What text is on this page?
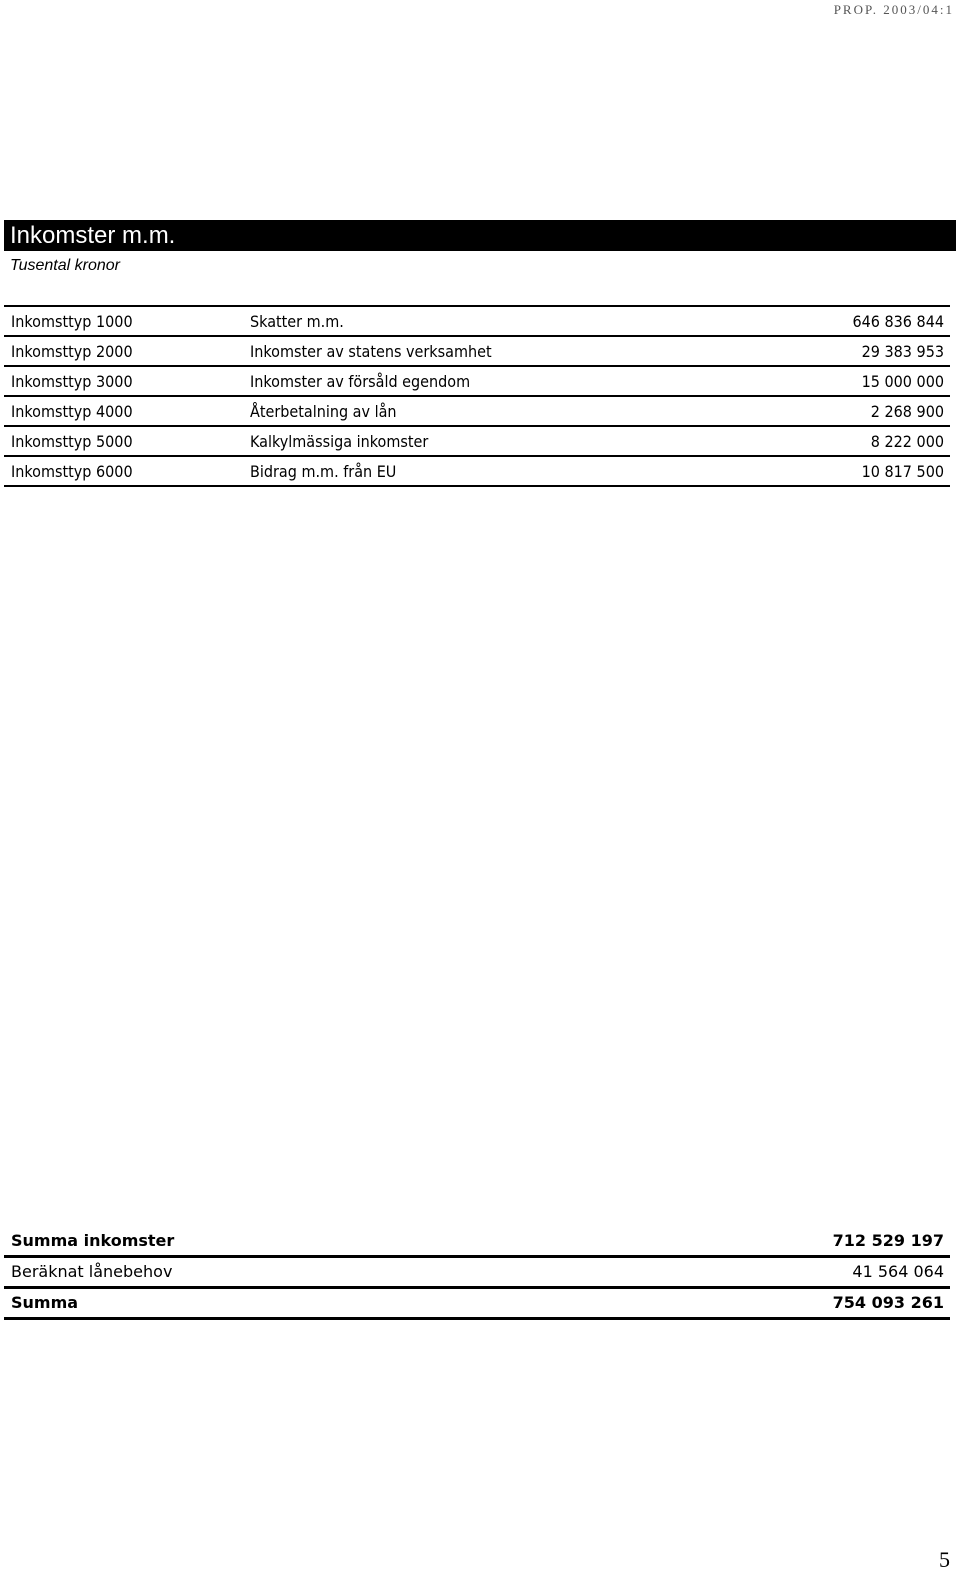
PROP. 2003/04:1
Inkomster m.m.
Tusental kronor
Inkomsttyp 1000	Skatter m.m.	646 836 844
Inkomsttyp 2000	Inkomster av statens verksamhet	29 383 953
Inkomsttyp 3000	Inkomster av försåld egendom	15 000 000
Inkomsttyp 4000	Återbetalning av lån	2 268 900
Inkomsttyp 5000	Kalkylmässiga inkomster	8 222 000
Inkomsttyp 6000	Bidrag m.m. från EU	10 817 500
Summa inkomster	712 529 197
Beräknat lånebehov	41 564 064
Summa	754 093 261
5
